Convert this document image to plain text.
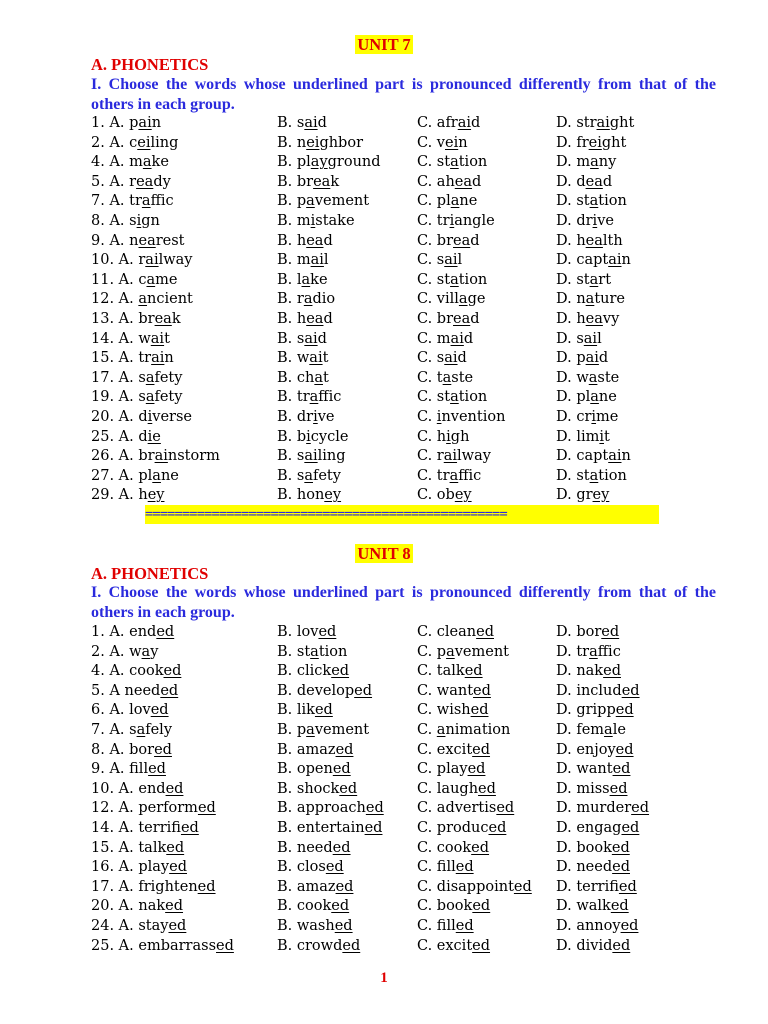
UNIT 7
A. PHONETICS
I. Choose the words whose underlined part is pronounced differently from that of the others in each group.
1. A. pain	B. said	C. afraid	D. straight
2. A. ceiling	B. neighbor	C. vein	D. freight
4. A. make	B. playground	C. station	D. many
5. A. ready	B. break	C. ahead	D. dead
7. A. traffic	B. pavement	C. plane	D. station
8. A. sign	B. mistake	C. triangle	D. drive
9. A. nearest	B. head	C. bread	D. health
10. A. railway	B. mail	C. sail	D. captain
11. A. came	B. lake	C. station	D. start
12. A. ancient	B. radio	C. village	D. nature
13. A. break	B. head	C. bread	D. heavy
14. A. wait	B. said	C. maid	D. sail
15. A. train	B. wait	C. said	D. paid
17. A. safety	B. chat	C. taste	D. waste
19. A. safety	B. traffic	C. station	D. plane
20. A. diverse	B. drive	C. invention	D. crime
25. A. die	B. bicycle	C. high	D. limit
26. A. brainstorm	B. sailing	C. railway	D. captain
27. A. plane	B. safety	C. traffic	D. station
29. A. hey	B. honey	C. obey	D. grey
=================================================
UNIT 8
A. PHONETICS
I. Choose the words whose underlined part is pronounced differently from that of the others in each group.
1. A. ended	B. loved	C. cleaned	D. bored
2. A. way	B. station	C. pavement	D. traffic
4. A. cooked	B. clicked	C. talked	D. naked
5. A needed	B. developed	C. wanted	D. included
6. A. loved	B. liked	C. wished	D. gripped
7. A. safely	B. pavement	C. animation	D. female
8. A. bored	B. amazed	C. excited	D. enjoyed
9. A. filled	B. opened	C. played	D. wanted
10. A. ended	B. shocked	C. laughed	D. missed
12. A. performed	B. approached C. advertised	D. murdered
14. A. terrified	B. entertained C. produced	D. engaged
15. A. talked	B. needed	C. cooked	D. booked
16. A. played	B. closed	C. filled	D. needed
17. A. frightened	B. amazed	C. disappointed D. terrified
20. A. naked	B. cooked	C. booked	D. walked
24. A. stayed	B. washed	C. filled	D. annoyed
25. A. embarrassed	B. crowded	C. excited	D. divided
1
